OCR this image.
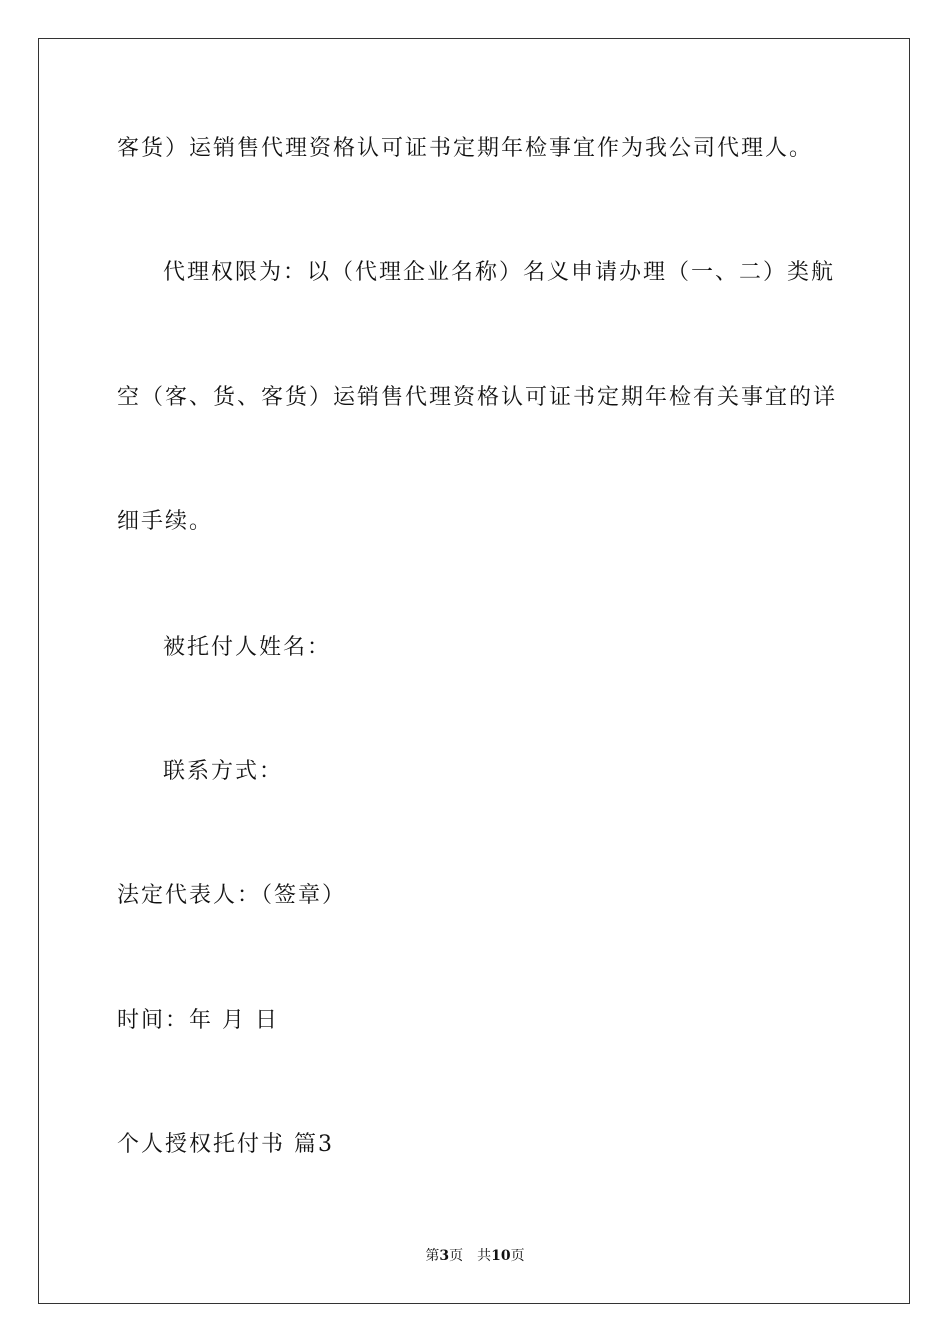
客货）运销售代理资格认可证书定期年检事宜作为我公司代理人。
代理权限为：以（代理企业名称）名义申请办理（一、二）类航
空（客、货、客货）运销售代理资格认可证书定期年检有关事宜的详
细手续。
被托付人姓名：
联系方式：
法定代表人：（签章）
时间：年 月 日
个人授权托付书 篇3
第3页 共10页
